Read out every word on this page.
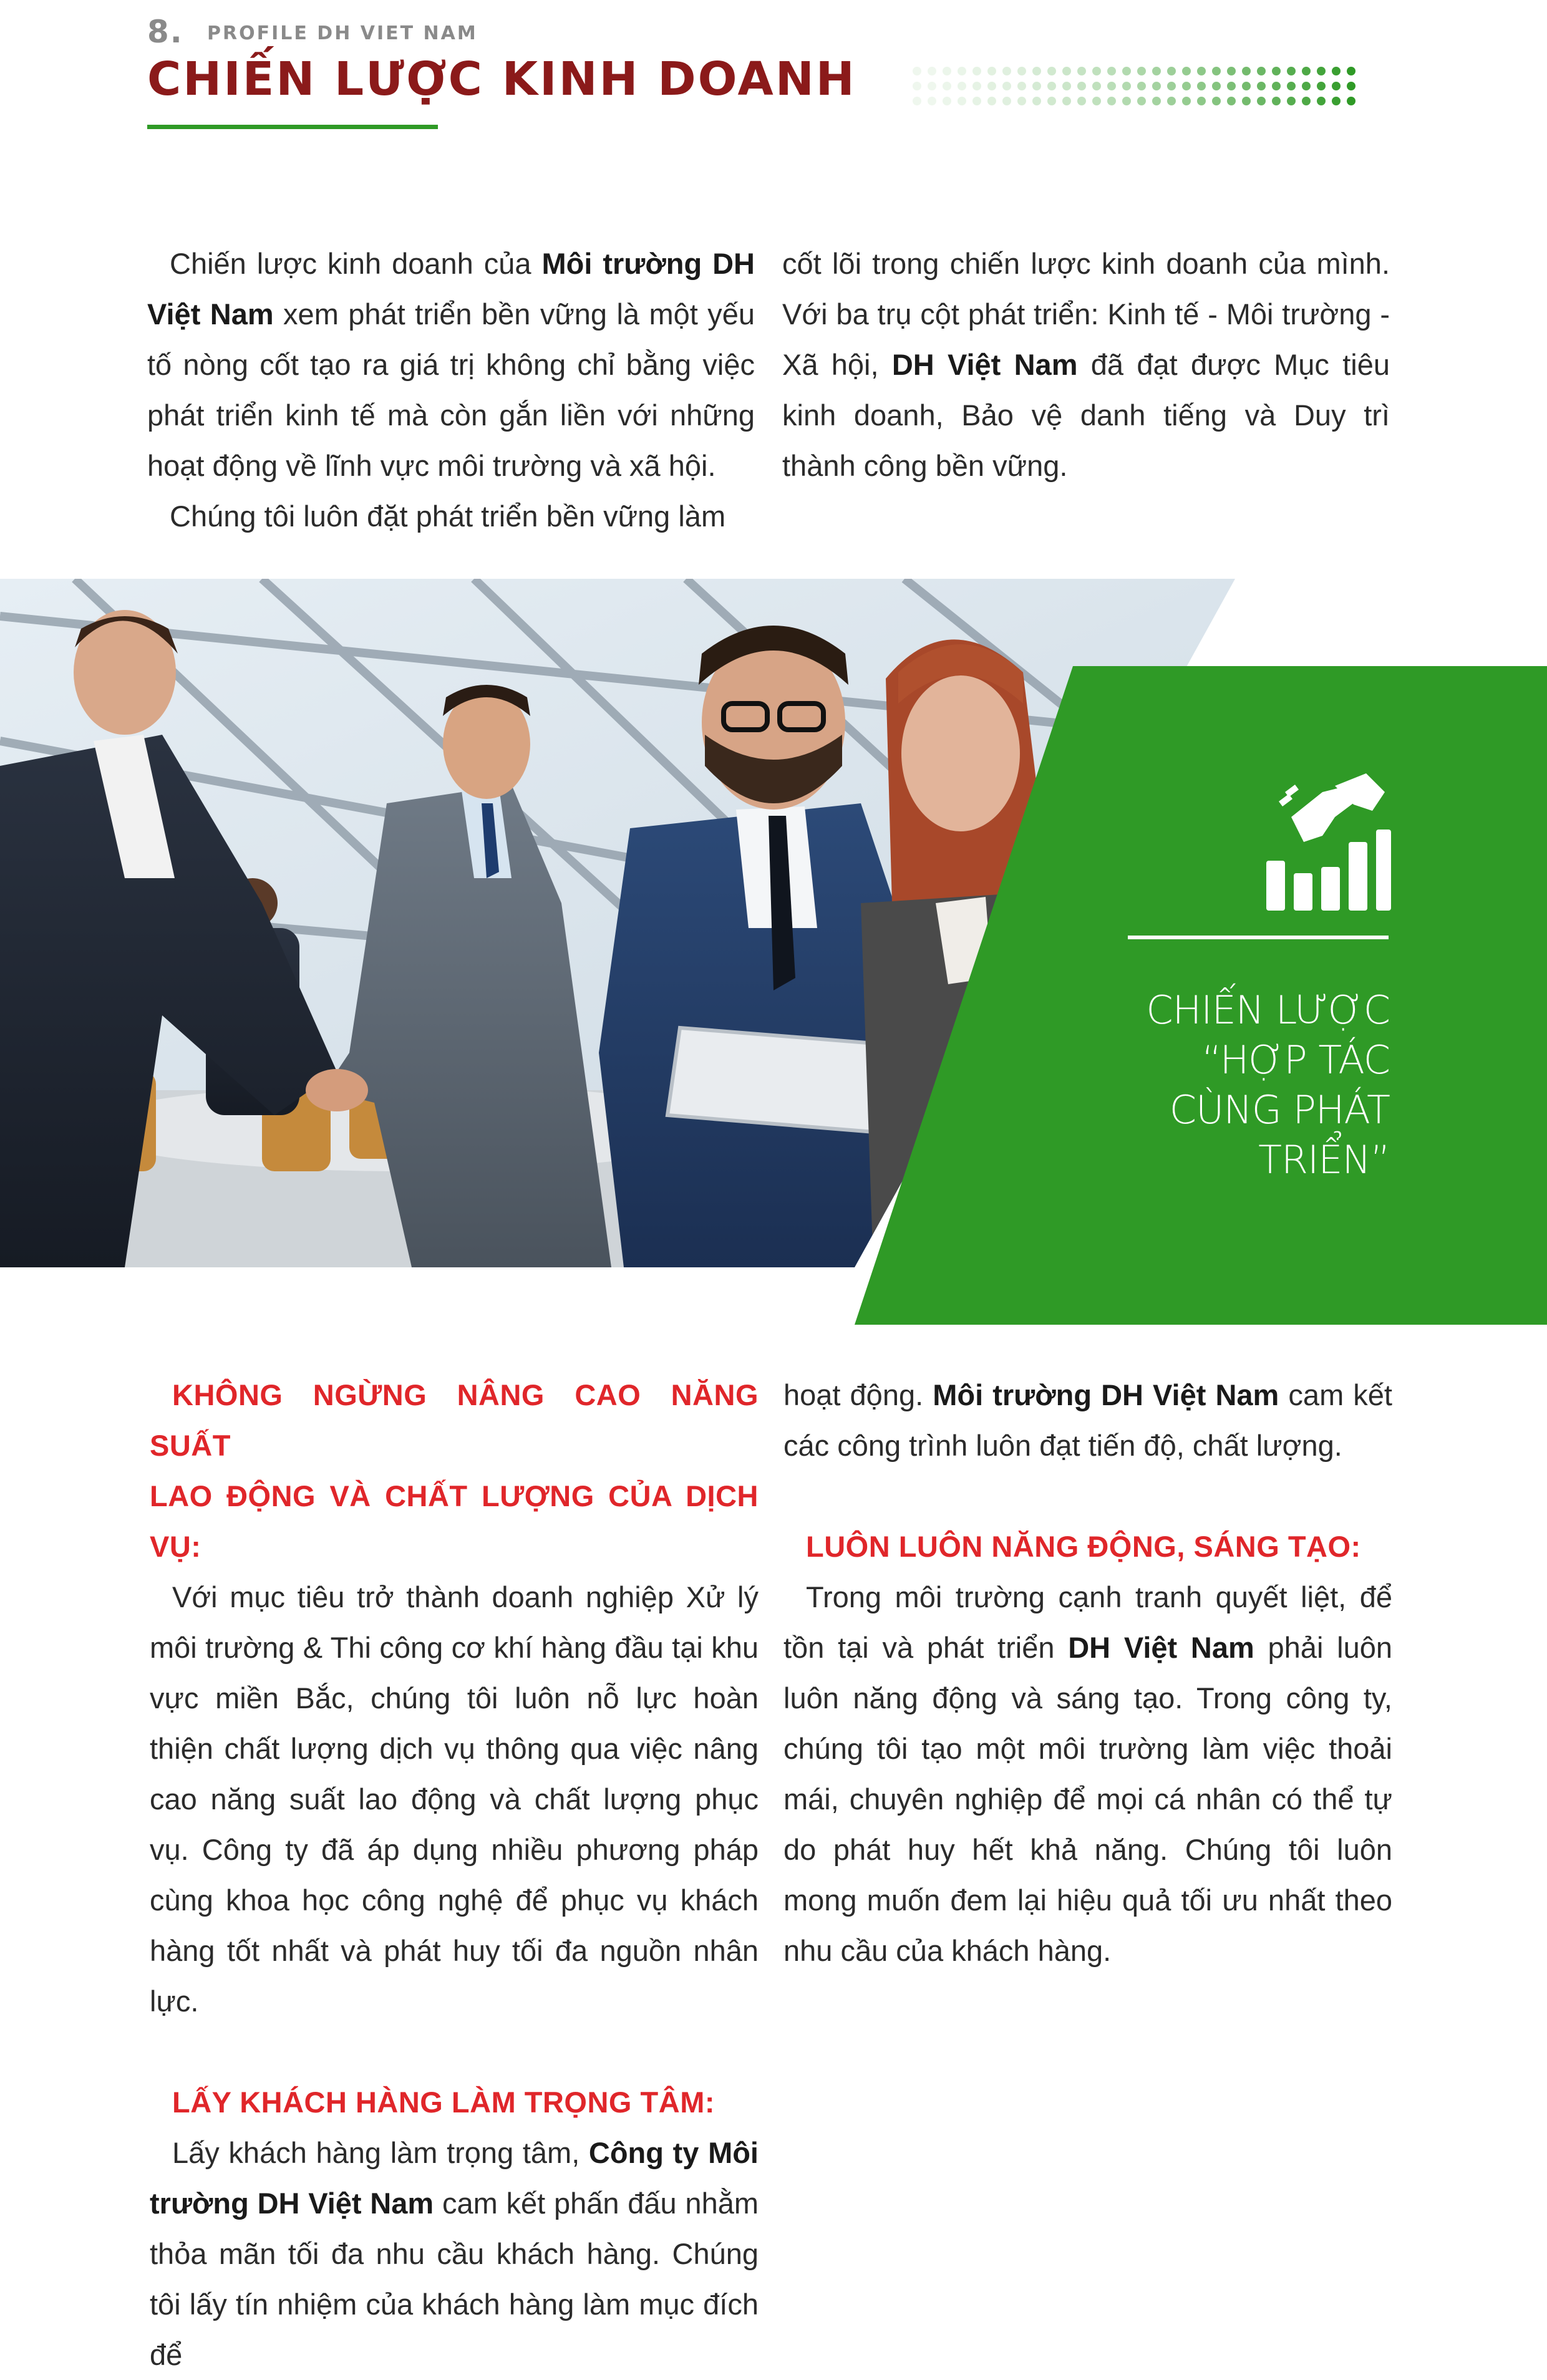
8. PROFILE DH VIET NAM
CHIẾN LƯỢC KINH DOANH

Chiến lược kinh doanh của Môi trường DH Việt Nam xem phát triển bền vững là một yếu tố nòng cốt tạo ra giá trị không chỉ bằng việc phát triển kinh tế mà còn gắn liền với những hoạt động về lĩnh vực môi trường và xã hội.

Chúng tôi luôn đặt phát triển bền vững làm

cốt lõi trong chiến lược kinh doanh của mình. Với ba trụ cột phát triển: Kinh tế - Môi trường - Xã hội, DH Việt Nam đã đạt được Mục tiêu kinh doanh, Bảo vệ danh tiếng và Duy trì thành công bền vững.

CHIẾN LƯỢC
“HỢP TÁC
CÙNG PHÁT
TRIỂN”
KHÔNG NGỪNG NÂNG CAO NĂNG SUẤT
LAO ĐỘNG VÀ CHẤT LƯỢNG CỦA DỊCH VỤ:

Với mục tiêu trở thành doanh nghiệp Xử lý môi trường & Thi công cơ khí hàng đầu tại khu vực miền Bắc, chúng tôi luôn nỗ lực hoàn thiện chất lượng dịch vụ thông qua việc nâng cao năng suất lao động và chất lượng phục vụ. Công ty đã áp dụng nhiều phương pháp cùng khoa học công nghệ để phục vụ khách hàng tốt nhất và phát huy tối đa nguồn nhân lực.

LẤY KHÁCH HÀNG LÀM TRỌNG TÂM:

Lấy khách hàng làm trọng tâm, Công ty Môi trường DH Việt Nam cam kết phấn đấu nhằm thỏa mãn tối đa nhu cầu khách hàng. Chúng tôi lấy tín nhiệm của khách hàng làm mục đích để

hoạt động. Môi trường DH Việt Nam cam kết các công trình luôn đạt tiến độ, chất lượng.

LUÔN LUÔN NĂNG ĐỘNG, SÁNG TẠO:

Trong môi trường cạnh tranh quyết liệt, để tồn tại và phát triển DH Việt Nam phải luôn luôn năng động và sáng tạo. Trong công ty, chúng tôi tạo một môi trường làm việc thoải mái, chuyên nghiệp để mọi cá nhân có thể tự do phát huy hết khả năng. Chúng tôi luôn mong muốn đem lại hiệu quả tối ưu nhất theo nhu cầu của khách hàng.
